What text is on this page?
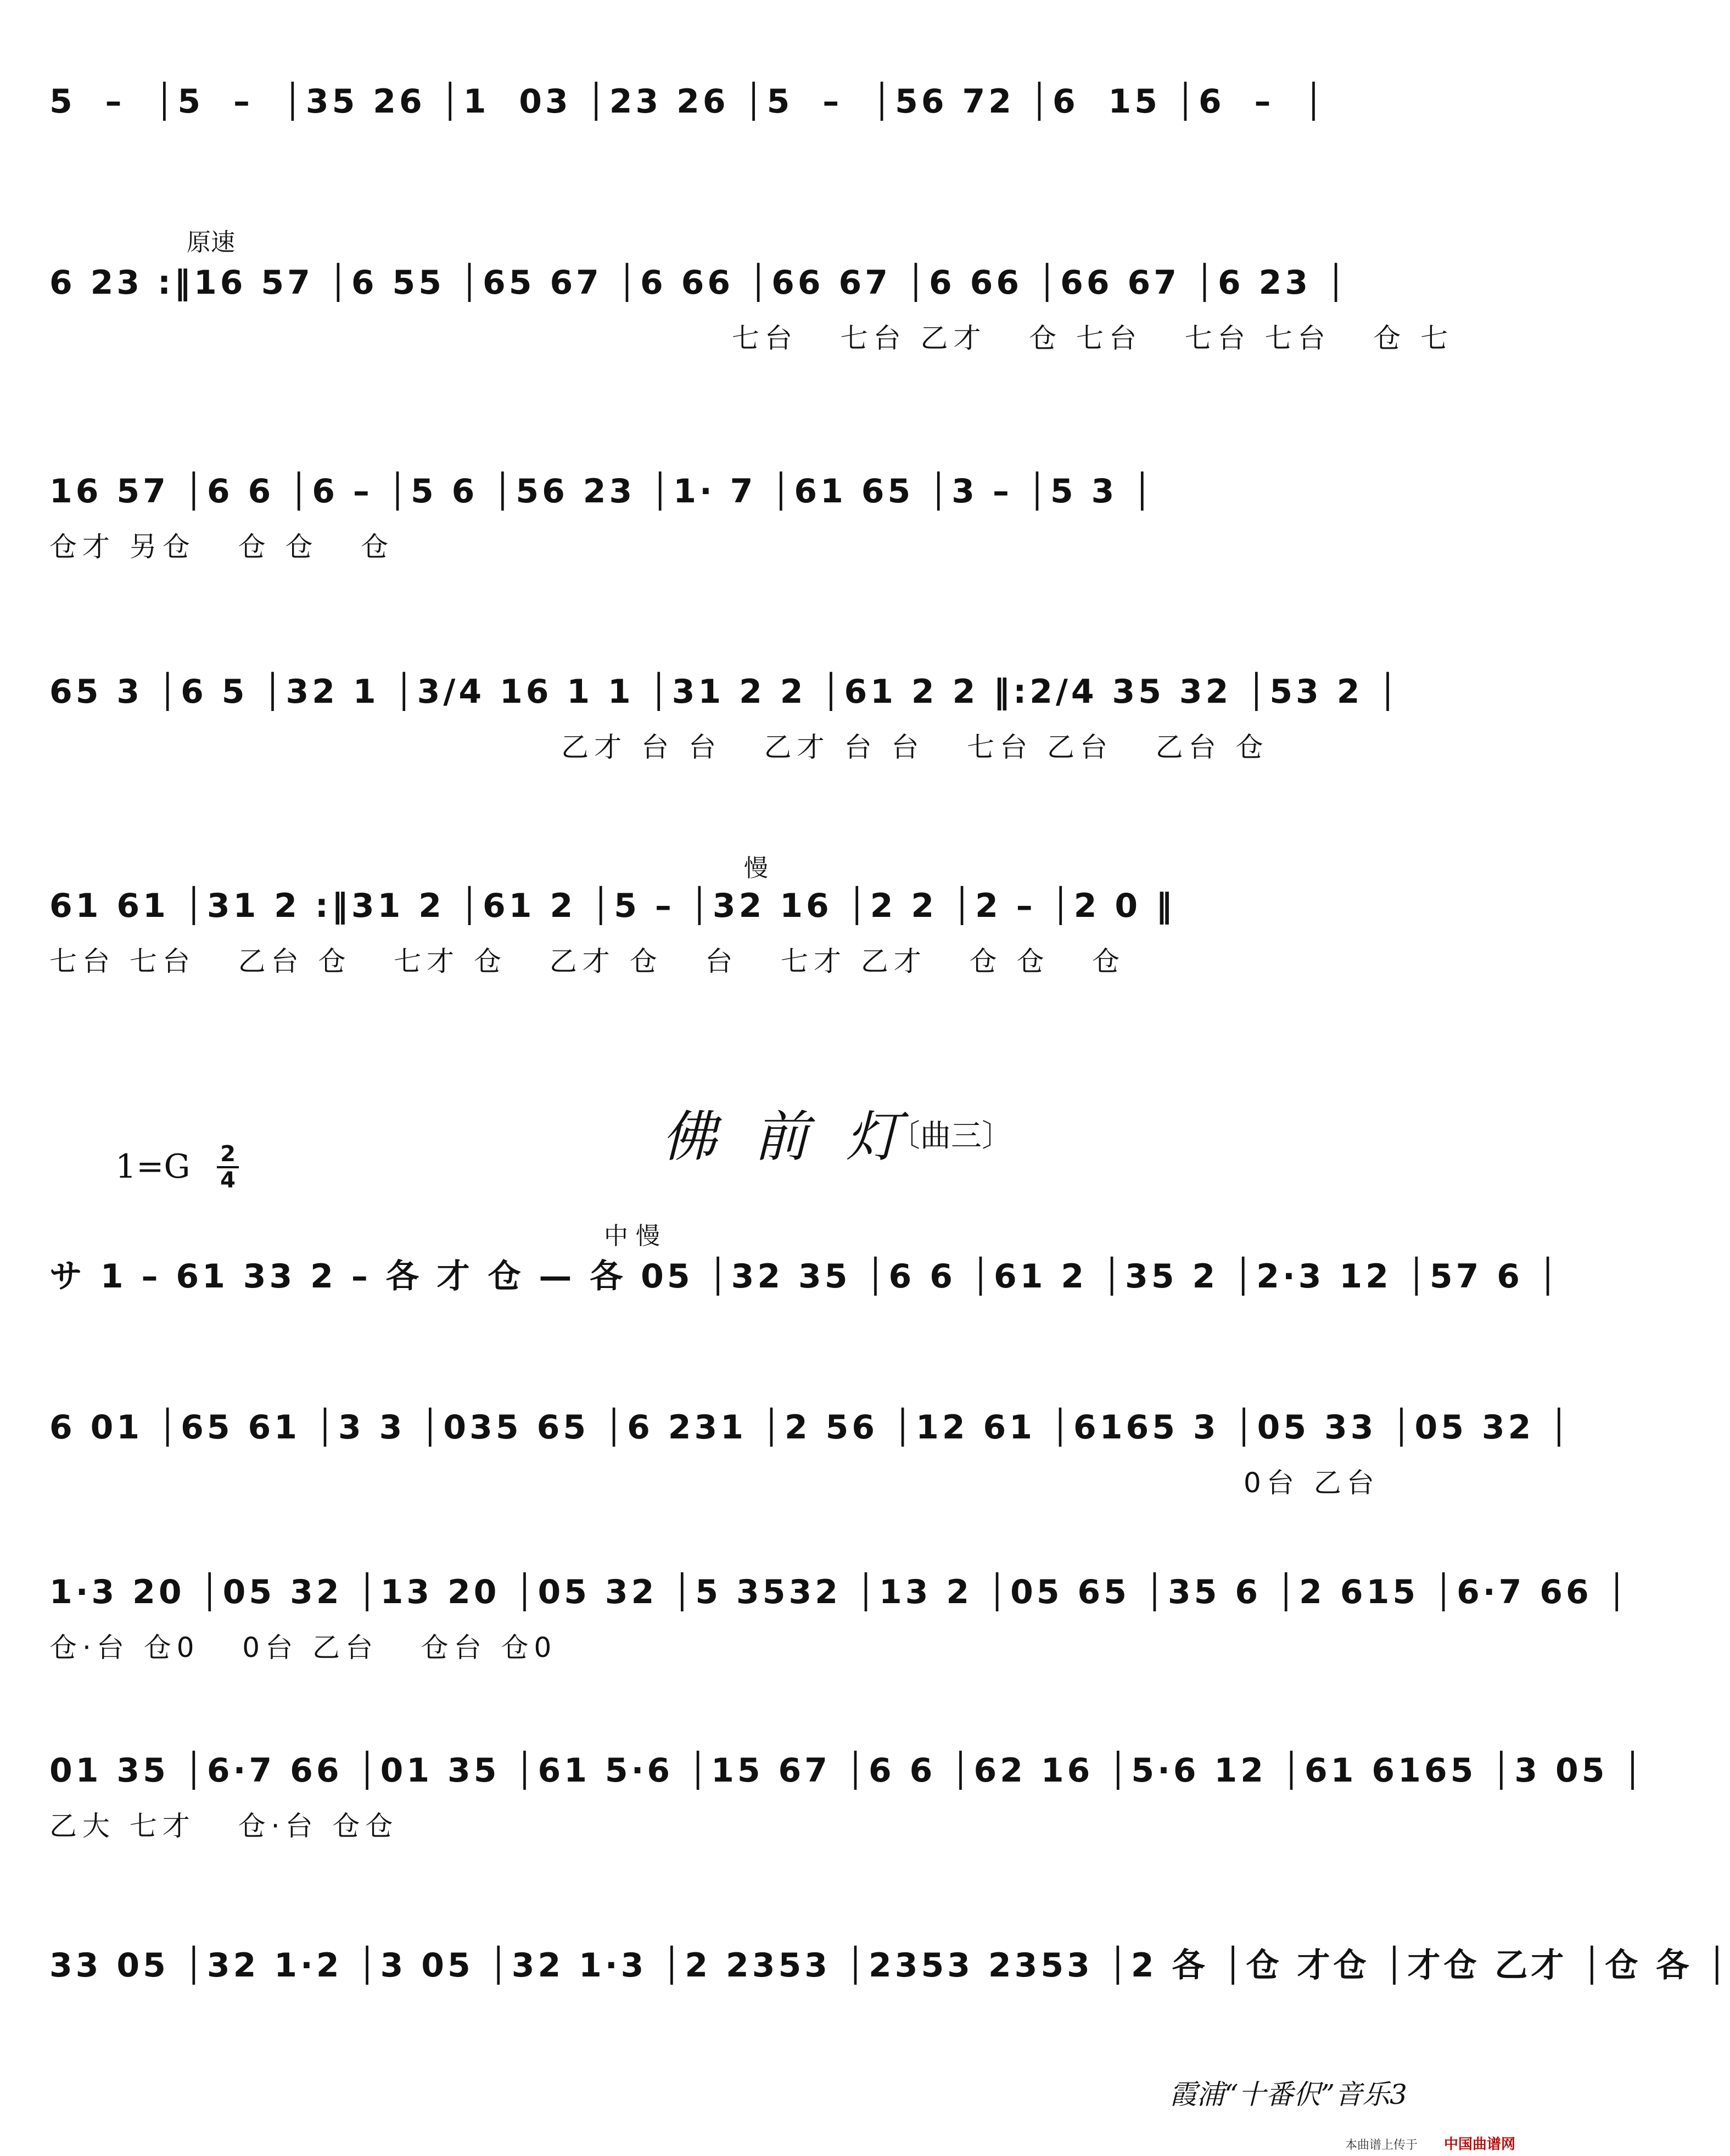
5  –  │5  –  │35 26 │1  03 │23 26 │5  –  │56 72 │6  15 │6  –  │
原速
6 23 :‖16 57 │6 55 │65 67 │6 66 │66 67 │6 66 │66 67 │6 23 │
七台   七台 乙才   仓 七台   七台 七台   仓 七
16 57 │6 6 │6 – │5 6 │56 23 │1· 7 │61 65 │3 – │5 3 │
仓才 另仓   仓 仓   仓
65 3 │6 5 │32 1 │3/4 16 1 1 │31 2 2 │61 2 2 ‖:2/4 35 32 │53 2 │
乙才 台 台   乙才 台 台   七台 乙台   乙台 仓
慢
61 61 │31 2 :‖31 2 │61 2 │5 – │32 16 │2 2 │2 – │2 0 ‖
七台 七台   乙台 仓   七才 仓   乙才 仓   台   七才 乙才   仓 仓   仓
佛 前 灯
〔曲三〕
1=G 2
4
中 慢
サ 1 – 61 33 2 – 各 才 仓 — 各 05 │32 35 │6 6 │61 2 │35 2 │2·3 12 │57 6 │
6 01 │65 61 │3 3 │035 65 │6 231 │2 56 │12 61 │6165 3 │05 33 │05 32 │
0台 乙台
1·3 20 │05 32 │13 20 │05 32 │5 3532 │13 2 │05 65 │35 6 │2 615 │6·7 66 │
仓·台 仓0   0台 乙台   仓台 仓0
01 35 │6·7 66 │01 35 │61 5·6 │15 67 │6 6 │62 16 │5·6 12 │61 6165 │3 05 │
乙大 七才   仓·台 仓仓
33 05 │32 1·2 │3 05 │32 1·3 │2 2353 │2353 2353 │2 各 │仓 才仓 │才仓 乙才 │仓 各 │
霞浦“十番伬”音乐3
本曲谱上传于 中国曲谱网
